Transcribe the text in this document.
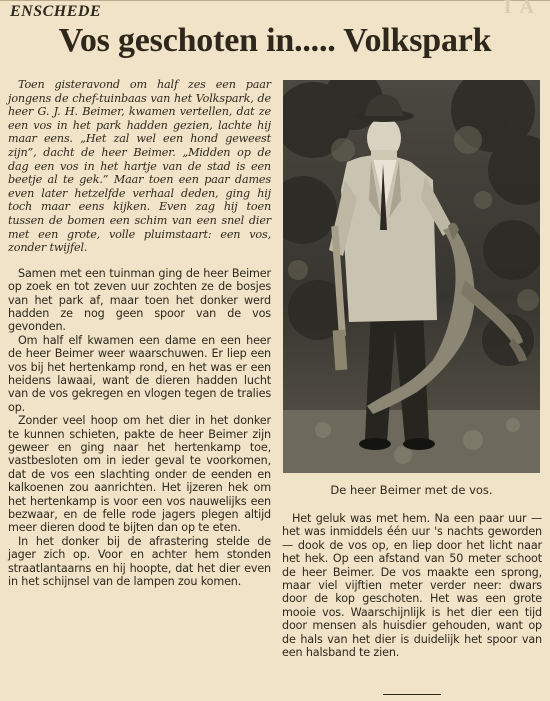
I A
ENSCHEDE
Vos geschoten in..... Volkspark

Toen gisteravond om half zes een paar jongens de chef-tuinbaas van het Volkspark, de heer G. J. H. Beimer, kwamen vertellen, dat ze een vos in het park hadden gezien, lachte hij maar eens. „Het zal wel een hond geweest zijn”, dacht de heer Beimer. „Midden op de dag een vos in het hartje van de stad is een beetje al te gek.” Maar toen een paar dames even later hetzelfde verhaal deden, ging hij toch maar eens kijken. Even zag hij toen tussen de bomen een schim van een snel dier met een grote, volle pluimstaart: een vos, zonder twijfel.

Samen met een tuinman ging de heer Beimer op zoek en tot zeven uur zochten ze de bosjes van het park af, maar toen het donker werd hadden ze nog geen spoor van de vos gevonden.

Om half elf kwamen een dame en een heer de heer Beimer weer waarschuwen. Er liep een vos bij het hertenkamp rond, en het was er een heidens lawaai, want de dieren hadden lucht van de vos gekregen en vlogen tegen de tralies op.

Zonder veel hoop om het dier in het donker te kunnen schieten, pakte de heer Beimer zijn geweer en ging naar het hertenkamp toe, vastbesloten om in ieder geval te voorkomen, dat de vos een slachting onder de eenden en kalkoenen zou aanrichten. Het ijzeren hek om het hertenkamp is voor een vos nauwelijks een bezwaar, en de felle rode jagers plegen altijd meer dieren dood te bijten dan op te eten.

In het donker bij de afrastering stelde de jager zich op. Voor en achter hem stonden straatlantaarns en hij hoopte, dat het dier even in het schijnsel van de lampen zou komen.

De heer Beimer met de vos.

Het geluk was met hem. Na een paar uur — het was inmiddels één uur 's nachts geworden — dook de vos op, en liep door het licht naar het hek. Op een afstand van 50 meter schoot de heer Beimer. De vos maakte een sprong, maar viel vijftien meter verder neer: dwars door de kop geschoten. Het was een grote mooie vos. Waarschijnlijk is het dier een tijd door mensen als huisdier gehouden, want op de hals van het dier is duidelijk het spoor van een halsband te zien.
